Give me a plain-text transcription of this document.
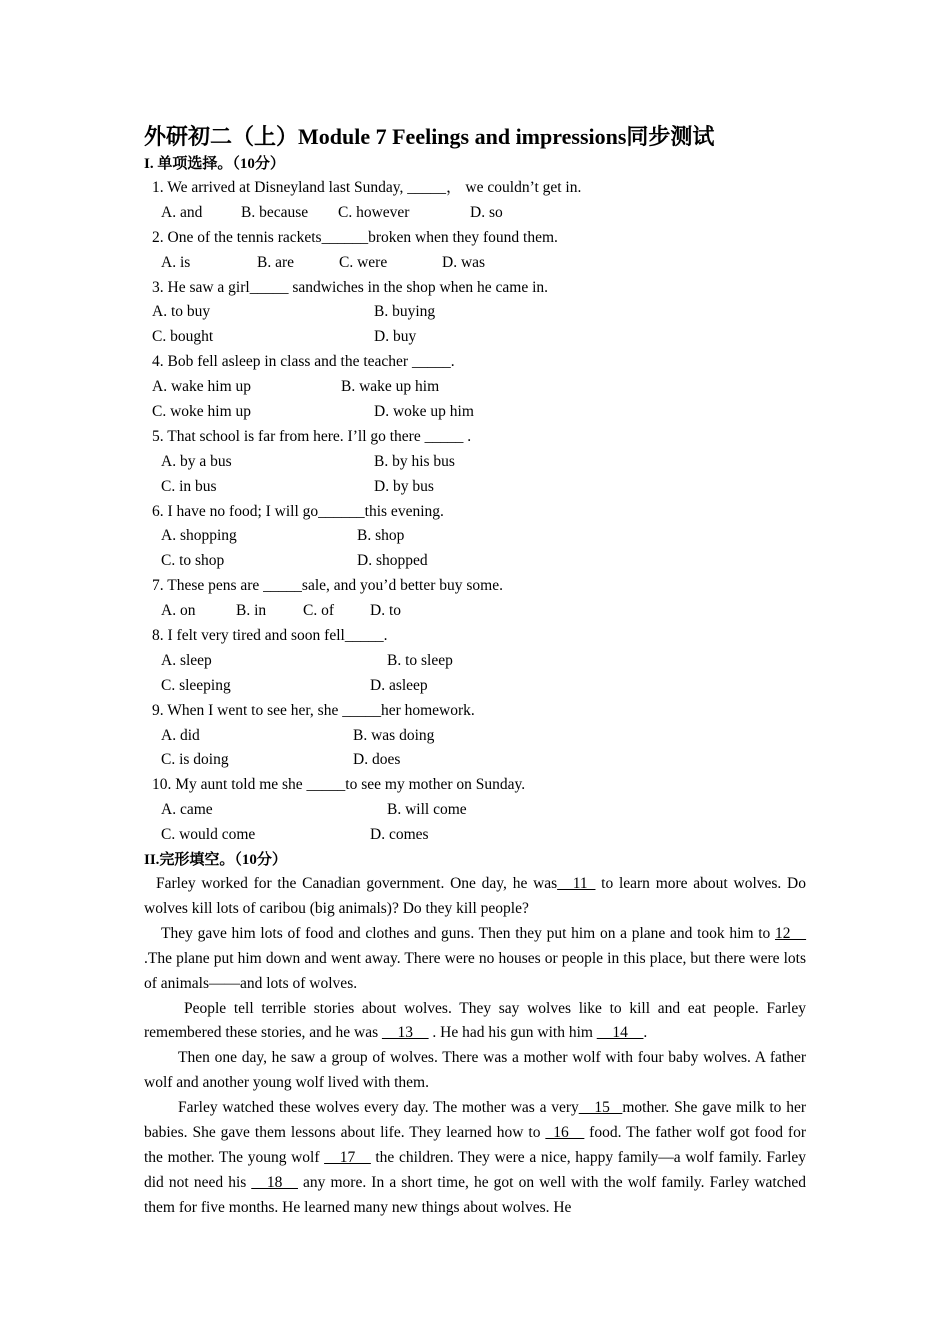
外研初二（上）Module 7 Feelings and impressions同步测试
I. 单项选择。（10分）
1. We arrived at Disneyland last Sunday, _____， we couldn’t get in.
A. and B. because C. however	D. so
2. One of the tennis rackets______broken when they found them.
A. is	B. are	C. were	D. was
3. He saw a girl_____ sandwiches in the shop when he came in.
A. to buy	B. buying
C. bought	D. buy
4. Bob fell asleep in class and the teacher _____.
A. wake him up	B. wake up him
C. woke him up	D. woke up him
5. That school is far from here. I’ll go there _____ .
A. by a bus	B. by his bus
C. in bus	D. by bus
6. I have no food; I will go______this evening.
A. shopping	B. shop
C. to shop	D. shopped
7. These pens are _____sale, and you’d better buy some.
A. on	B. in C. of D. to
8. I felt very tired and soon fell_____.
A. sleep	B. to sleep
C. sleeping	D. asleep
9. When I went to see her, she _____her homework.
A. did	B. was doing
C. is doing	D. does
10. My aunt told me she _____to see my mother on Sunday.
A. came	B. will come
C. would come	D. comes
II.完形填空。（10分）

Farley worked for the Canadian government. One day, he was__11_ to learn more about wolves. Do wolves kill lots of caribou (big animals)? Do they kill people?

They gave him lots of food and clothes and guns. Then they put him on a plane and took him to 12__ .The plane put him down and went away. There were no houses or people in this place, but there were lots of animals——and lots of wolves.

People tell terrible stories about wolves. They say wolves like to kill and eat people. Farley remembered these stories, and he was __13__ . He had his gun with him __14__.

Then one day, he saw a group of wolves. There was a mother wolf with four baby wolves. A father wolf and another young wolf lived with them.

Farley watched these wolves every day. The mother was a very__15_ mother. She gave milk to her babies. She gave them lessons about life. They learned how to _16__ food. The father wolf got food for the mother. The young wolf __17__ the children. They were a nice, happy family—a wolf family. Farley did not need his __18__ any more. In a short time, he got on well with the wolf family. Farley watched them for five months. He learned many new things about wolves. He
